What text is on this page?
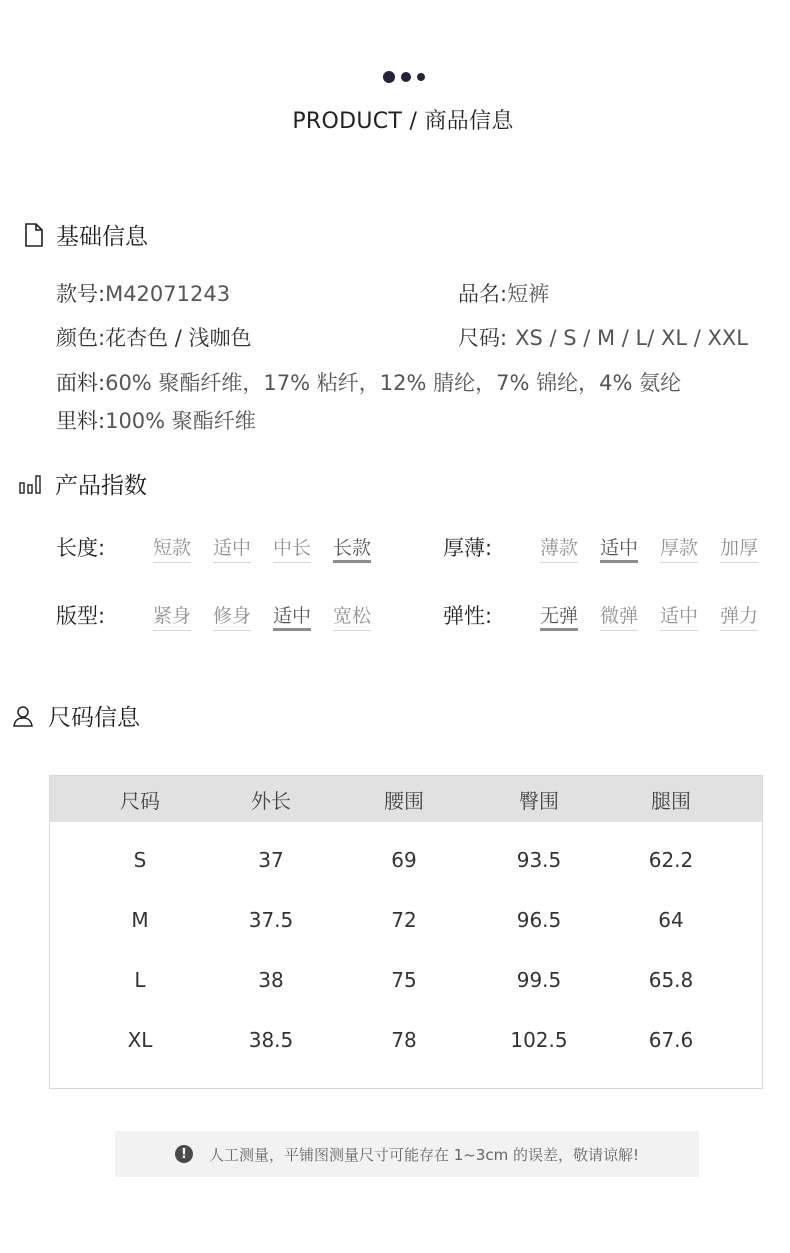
PRODUCT / 商品信息
基础信息
款号:M42071243	品名:短裤
颜色:花杏色 / 浅咖色	尺码: XS / S / M / L/ XL / XXL
面料:60% 聚酯纤维，17% 粘纤，12% 腈纶，7% 锦纶，4% 氨纶
里料:100% 聚酯纤维
产品指数
长度:	短款 适中 中长 长款	厚薄:	薄款 适中 厚款 加厚
版型:	紧身 修身 适中 宽松	弹性:	无弹 微弹 适中 弹力
尺码信息
尺码	外长	腰围	臀围	腿围
S	37	69	93.5	62.2
M	37.5	72	96.5	64
L	38	75	99.5	65.8
XL	38.5	78	102.5	67.6
!	人工测量，平铺图测量尺寸可能存在 1~3cm 的误差，敬请谅解!
